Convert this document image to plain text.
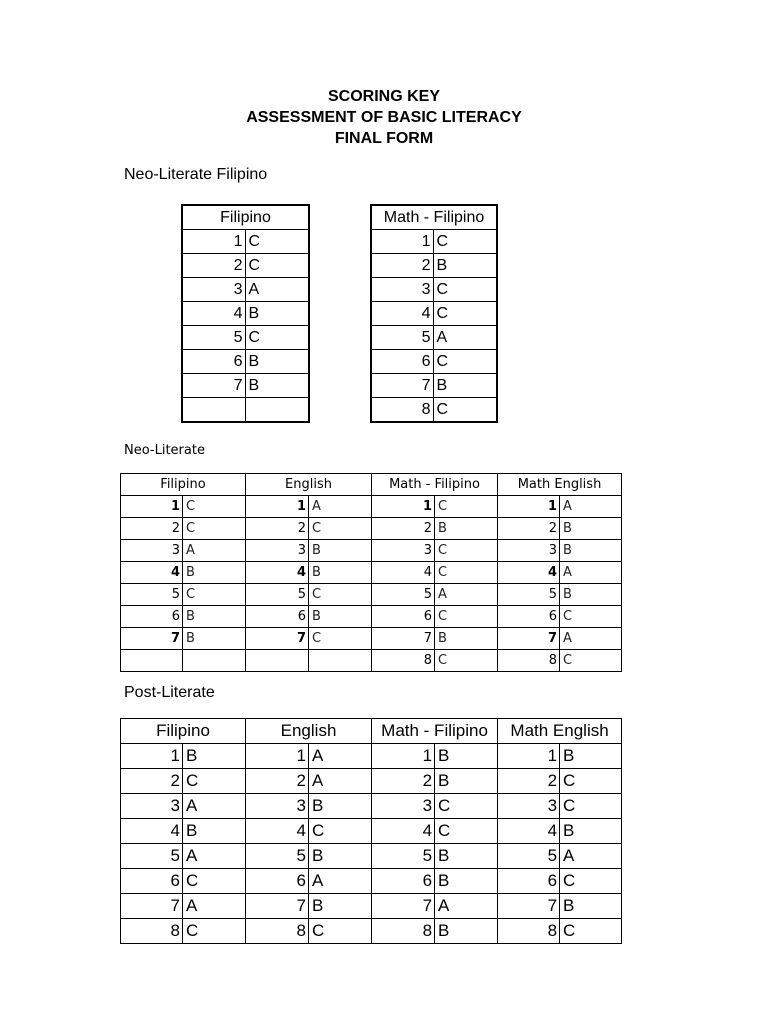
SCORING KEY
ASSESSMENT OF BASIC LITERACY
FINAL FORM
Neo-Literate Filipino
Filipino	
1	C
2	C
3	A
4	B
5	C
6	B
7	B

Math - Filipino	
1	C
2	B
3	C
4	C
5	A
6	C
7	B
8	C
Neo-Literate
Filipino		English		Math - Filipino		Math English	
1	C	1	A	1	C	1	A
2	C	2	C	2	B	2	B
3	A	3	B	3	C	3	B
4	B	4	B	4	C	4	A
5	C	5	C	5	A	5	B
6	B	6	B	6	C	6	C
7	B	7	C	7	B	7	A
				8	C	8	C
Post-Literate
Filipino		English		Math - Filipino		Math English	
1	B	1	A	1	B	1	B
2	C	2	A	2	B	2	C
3	A	3	B	3	C	3	C
4	B	4	C	4	C	4	B
5	A	5	B	5	B	5	A
6	C	6	A	6	B	6	C
7	A	7	B	7	A	7	B
8	C	8	C	8	B	8	C
